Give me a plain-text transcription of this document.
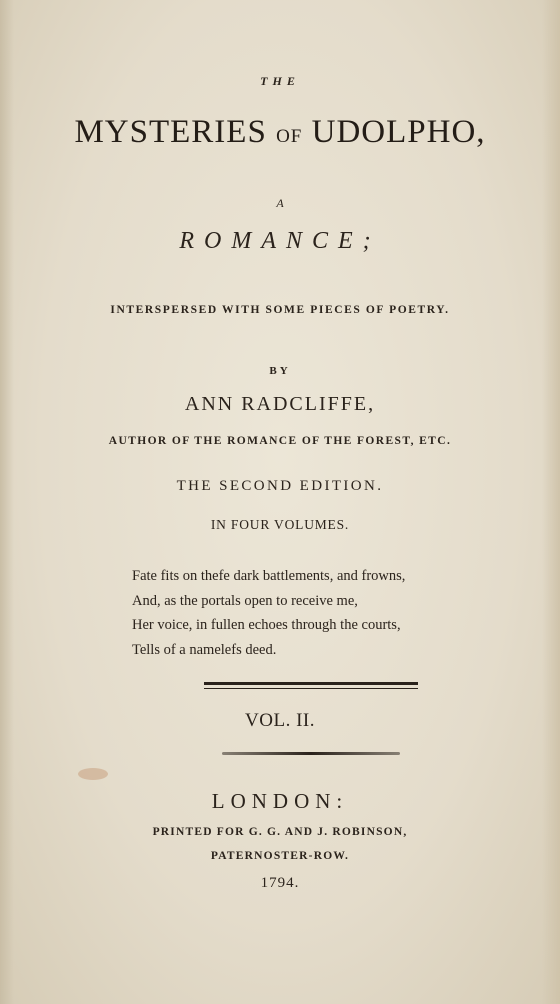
THE
MYSTERIES OF UDOLPHO,
A
ROMANCE;
INTERSPERSED WITH SOME PIECES OF POETRY.
BY
ANN RADCLIFFE,
AUTHOR OF THE ROMANCE OF THE FOREST, ETC.
THE SECOND EDITION.
IN FOUR VOLUMES.
Fate fits on thefe dark battlements, and frowns,
And, as the portals open to receive me,
Her voice, in fullen echoes through the courts,
Tells of a namelefs deed.
VOL. II.
LONDON:
PRINTED FOR G. G. AND J. ROBINSON,
PATERNOSTER-ROW.
1794.
